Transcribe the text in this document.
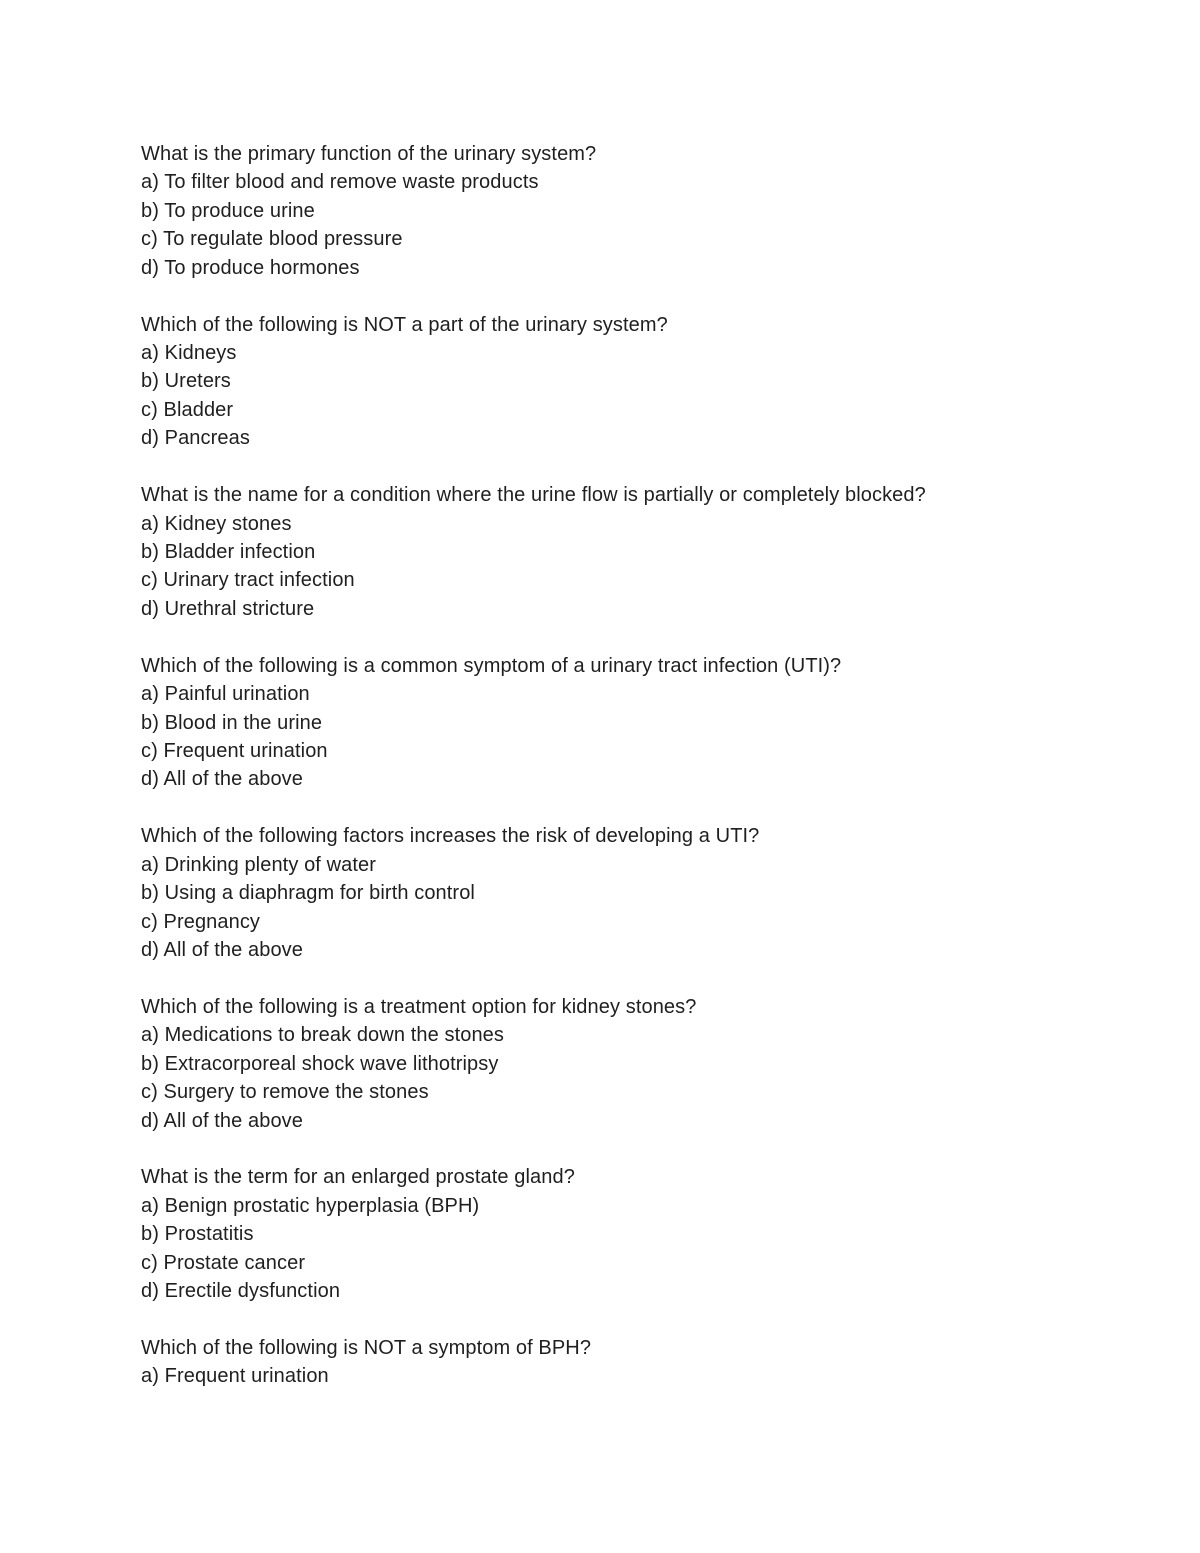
What is the primary function of the urinary system?
a) To filter blood and remove waste products
b) To produce urine
c) To regulate blood pressure
d) To produce hormones
Which of the following is NOT a part of the urinary system?
a) Kidneys
b) Ureters
c) Bladder
d) Pancreas
What is the name for a condition where the urine flow is partially or completely blocked?
a) Kidney stones
b) Bladder infection
c) Urinary tract infection
d) Urethral stricture
Which of the following is a common symptom of a urinary tract infection (UTI)?
a) Painful urination
b) Blood in the urine
c) Frequent urination
d) All of the above
Which of the following factors increases the risk of developing a UTI?
a) Drinking plenty of water
b) Using a diaphragm for birth control
c) Pregnancy
d) All of the above
Which of the following is a treatment option for kidney stones?
a) Medications to break down the stones
b) Extracorporeal shock wave lithotripsy
c) Surgery to remove the stones
d) All of the above
What is the term for an enlarged prostate gland?
a) Benign prostatic hyperplasia (BPH)
b) Prostatitis
c) Prostate cancer
d) Erectile dysfunction
Which of the following is NOT a symptom of BPH?
a) Frequent urination
